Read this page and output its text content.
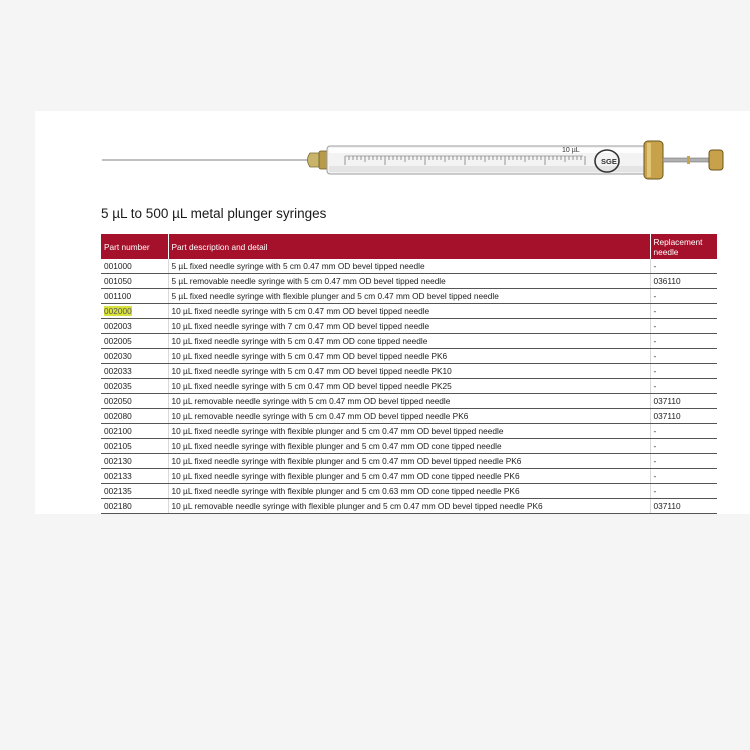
10 µL
SGE
5 µL to 500 µL metal plunger syringes
Part number	Part description and detail	Replacement needle
001000	5 µL fixed needle syringe with 5 cm 0.47 mm OD bevel tipped needle	-
001050	5 µL removable needle syringe with 5 cm 0.47 mm OD bevel tipped needle	036110
001100	5 µL fixed needle syringe with flexible plunger and 5 cm 0.47 mm OD bevel tipped needle	-
002000	10 µL fixed needle syringe with 5 cm 0.47 mm OD bevel tipped needle	-
002003	10 µL fixed needle syringe with 7 cm 0.47 mm OD bevel tipped needle	-
002005	10 µL fixed needle syringe with 5 cm 0.47 mm OD cone tipped needle	-
002030	10 µL fixed needle syringe with 5 cm 0.47 mm OD bevel tipped needle PK6	-
002033	10 µL fixed needle syringe with 5 cm 0.47 mm OD bevel tipped needle PK10	-
002035	10 µL fixed needle syringe with 5 cm 0.47 mm OD bevel tipped needle PK25	-
002050	10 µL removable needle syringe with 5 cm 0.47 mm OD bevel tipped needle	037110
002080	10 µL removable needle syringe with 5 cm 0.47 mm OD bevel tipped needle PK6	037110
002100	10 µL fixed needle syringe with flexible plunger and 5 cm 0.47 mm OD bevel tipped needle	-
002105	10 µL fixed needle syringe with flexible plunger and 5 cm 0.47 mm OD cone tipped needle	-
002130	10 µL fixed needle syringe with flexible plunger and 5 cm 0.47 mm OD bevel tipped needle PK6	-
002133	10 µL fixed needle syringe with flexible plunger and 5 cm 0.47 mm OD cone tipped needle PK6	-
002135	10 µL fixed needle syringe with flexible plunger and 5 cm 0.63 mm OD cone tipped needle PK6	-
002180	10 µL removable needle syringe with flexible plunger and 5 cm 0.47 mm OD bevel tipped needle PK6	037110
